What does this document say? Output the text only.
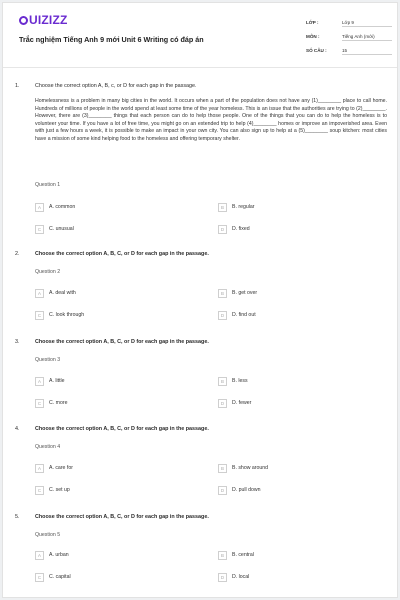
UIZIZZ
Trắc nghiệm Tiếng Anh 9 mới Unit 6 Writing có đáp án
LỚP :	Lớp 9
MÔN :	Tiếng Anh (mới)
SỐ CÂU :	15
1.	Choose the correct option A, B, c, or D for each gap in the passage.
Homelessness is a problem in many big cities in the world. It occurs when a part of the population does not have any (1)________ place to call home. Hundreds of millions of people in the world spend at least some time of the year homeless. This is an issue that the authorities are trying to (2)________. However, there are (3)________ things that each person can do to help those people. One of the things that you can do to help the homeless is to volunteer your time. If you have a lot of free time, you might go on an extended trip to help (4)________ homes or improve an impoverished area. Even with just a few hours a week, it is possible to make an impact in your own city. You can also sign up to help at a (5)________ soup kitchen: most cities have a mission of some kind helping food to the homeless and offering temporary shelter.
Question 1
A	A. common	B	B. regular
C	C. unusual	D	D. fixed
2.	Choose the correct option A, B, C, or D for each gap in the passage.
Question 2
A	A. deal with	B	B. get over
C	C. look through	D	D. find out
3.	Choose the correct option A, B, C, or D for each gap in the passage.
Question 3
A	A. little	B	B. less
C	C. more	D	D. fewer
4.	Choose the correct option A, B, C, or D for each gap in the passage.
Question 4
A	A. care for	B	B. show around
C	C. set up	D	D. pull down
5.	Choose the correct option A, B, C, or D for each gap in the passage.
Question 5
A	A. urban	B	B. central
C	C. capital	D	D. local
